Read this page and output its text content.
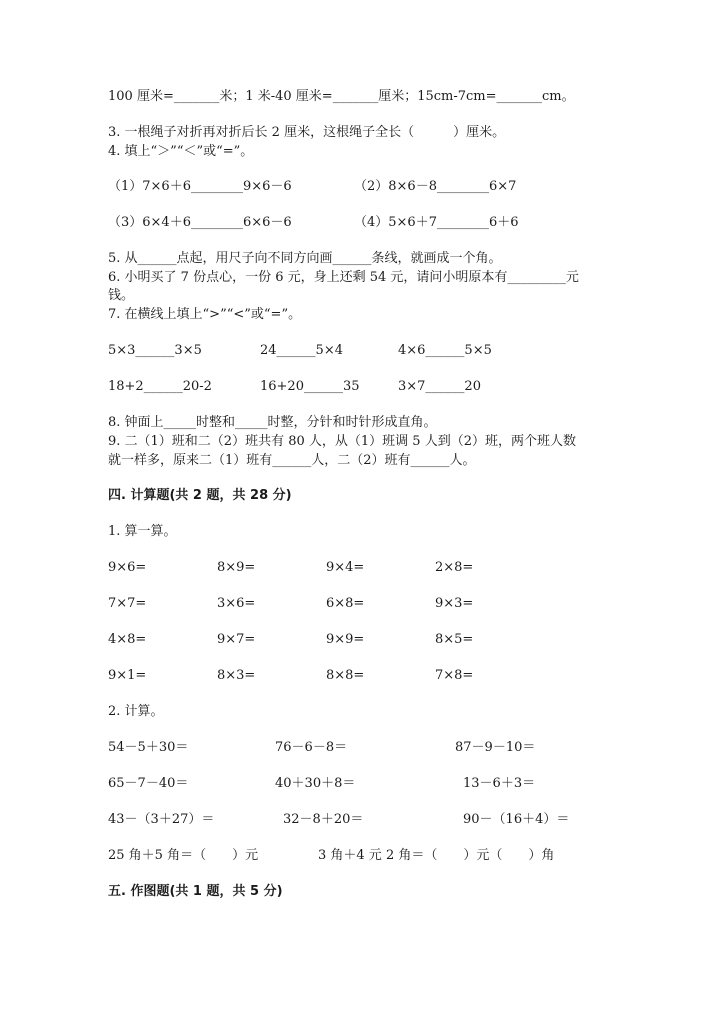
100 厘米=_______米；1 米-40 厘米=_______厘米；15cm-7cm=_______cm。
3. 一根绳子对折再对折后长 2 厘米，这根绳子全长（　　　）厘米。
4. 填上“＞”“＜”或“=”。
（1）7×6＋6________9×6－6	（2）8×6－8________6×7
（3）6×4＋6________6×6－6	（4）5×6＋7________6＋6
5. 从______点起，用尺子向不同方向画______条线，就画成一个角。
6. 小明买了 7 份点心，一份 6 元，身上还剩 54 元，请问小明原本有_________元
钱。
7. 在横线上填上“>”“<”或“=”。
5×3______3×5	24______5×4	4×6______5×5
18+2______20-2	16+20______35	3×7______20
8. 钟面上_____时整和_____时整，分针和时针形成直角。
9. 二（1）班和二（2）班共有 80 人，从（1）班调 5 人到（2）班，两个班人数
就一样多，原来二（1）班有______人，二（2）班有______人。
四. 计算题(共 2 题，共 28 分)
1. 算一算。
9×6=	8×9=	9×4=	2×8=
7×7=	3×6=	6×8=	9×3=
4×8=	9×7=	9×9=	8×5=
9×1=	8×3=	8×8=	7×8=
2. 计算。
54－5＋30＝	76－6－8＝	87－9－10＝
65－7－40＝	40＋30＋8＝	13－6＋3＝
43－（3＋27）＝	32－8＋20＝	90－（16＋4）＝
25 角＋5 角＝（　　）元	3 角＋4 元 2 角＝（　　）元（　　）角
五. 作图题(共 1 题，共 5 分)
